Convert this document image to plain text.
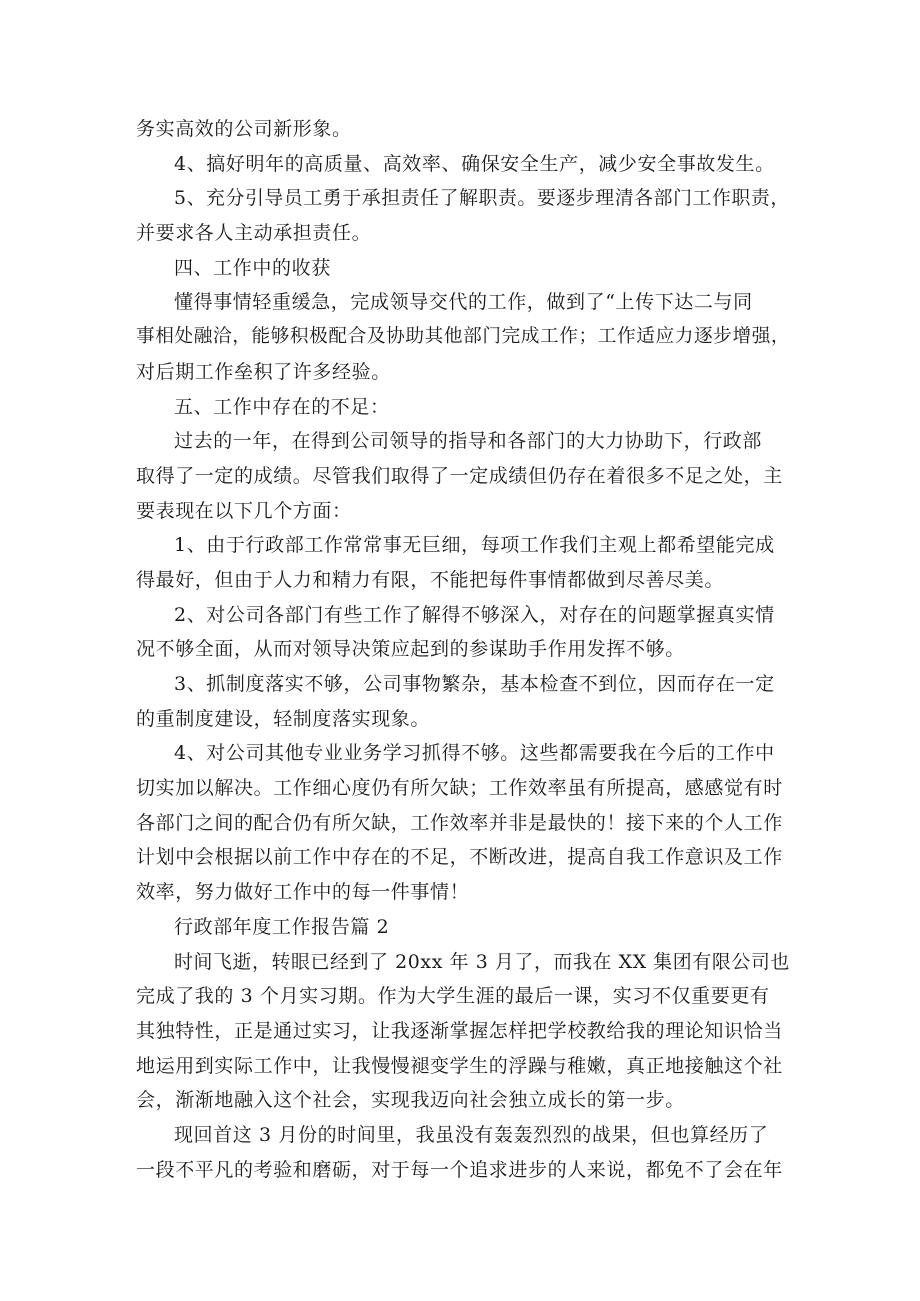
务实高效的公司新形象。
4、搞好明年的高质量、高效率、确保安全生产，减少安全事故发生。
5、充分引导员工勇于承担责任了解职责。要逐步理清各部门工作职责，
并要求各人主动承担责任。
四、工作中的收获
懂得事情轻重缓急，完成领导交代的工作，做到了“上传下达二与同
事相处融洽，能够积极配合及协助其他部门完成工作；工作适应力逐步增强，
对后期工作垒积了许多经验。
五、工作中存在的不足：
过去的一年，在得到公司领导的指导和各部门的大力协助下，行政部
取得了一定的成绩。尽管我们取得了一定成绩但仍存在着很多不足之处，主
要表现在以下几个方面：
1、由于行政部工作常常事无巨细，每项工作我们主观上都希望能完成
得最好，但由于人力和精力有限，不能把每件事情都做到尽善尽美。
2、对公司各部门有些工作了解得不够深入，对存在的问题掌握真实情
况不够全面，从而对领导决策应起到的参谋助手作用发挥不够。
3、抓制度落实不够，公司事物繁杂，基本检查不到位，因而存在一定
的重制度建设，轻制度落实现象。
4、对公司其他专业业务学习抓得不够。这些都需要我在今后的工作中
切实加以解决。工作细心度仍有所欠缺；工作效率虽有所提高，感感觉有时
各部门之间的配合仍有所欠缺，工作效率并非是最快的！接下来的个人工作
计划中会根据以前工作中存在的不足，不断改进，提高自我工作意识及工作
效率，努力做好工作中的每一件事情！
行政部年度工作报告篇 2
时间飞逝，转眼已经到了 20xx 年 3 月了，而我在 XX 集团有限公司也
完成了我的 3 个月实习期。作为大学生涯的最后一课，实习不仅重要更有
其独特性，正是通过实习，让我逐渐掌握怎样把学校教给我的理论知识恰当
地运用到实际工作中，让我慢慢褪变学生的浮躁与稚嫩，真正地接触这个社
会，渐渐地融入这个社会，实现我迈向社会独立成长的第一步。
现回首这 3 月份的时间里，我虽没有轰轰烈烈的战果，但也算经历了
一段不平凡的考验和磨砺，对于每一个追求进步的人来说，都免不了会在年
